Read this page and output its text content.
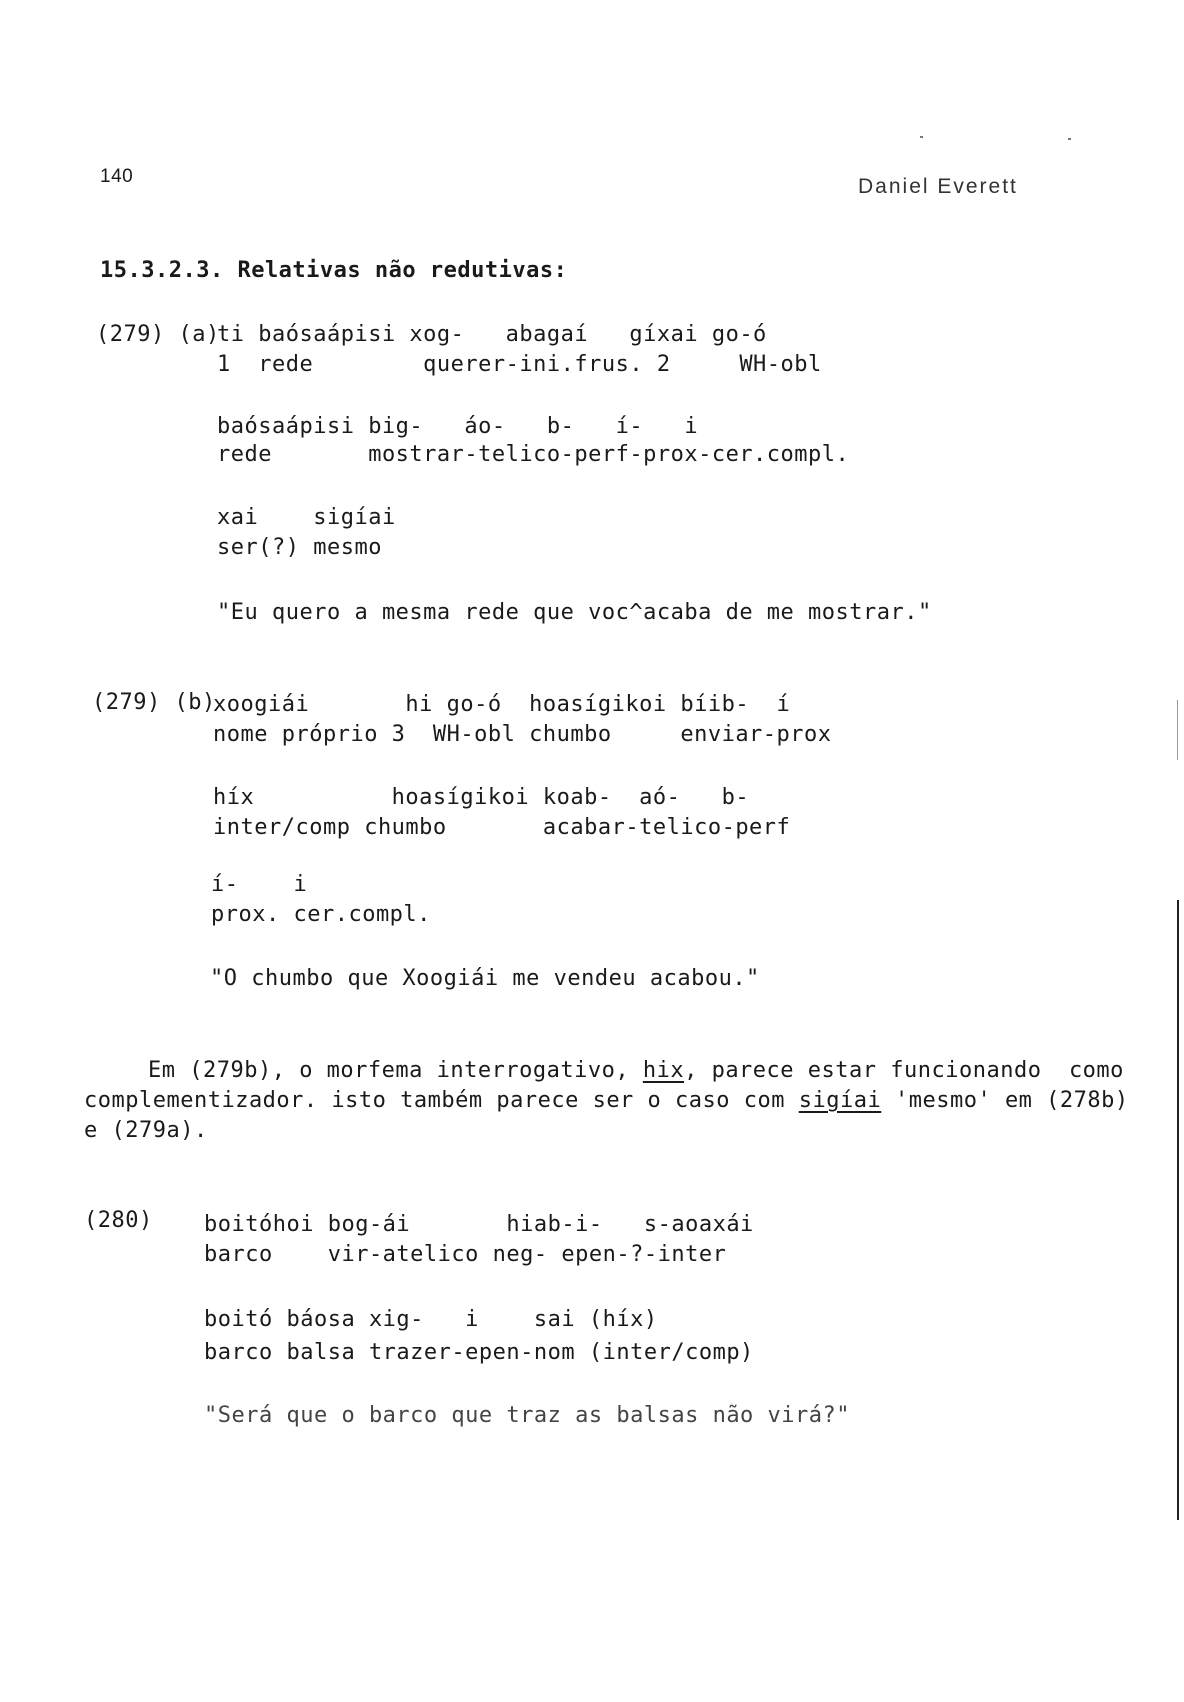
140	Daniel Everett
15.3.2.3. Relativas não redutivas:
(279) (a)
ti baósaápisi xog-   abagaí   gíxai go-ó
1  rede        querer-ini.frus. 2     WH-obl
baósaápisi big-   áo-   b-   í-   i
rede       mostrar-telico-perf-prox-cer.compl.
xai    sigíai
ser(?) mesmo
"Eu quero a mesma rede que voc^acaba de me mostrar."
(279) (b)
xoogiái       hi go-ó  hoasígikoi bíib-  í
nome próprio 3  WH-obl chumbo     enviar-prox
híx          hoasígikoi koab-  aó-   b-
inter/comp chumbo       acabar-telico-perf
í-    i
prox. cer.compl.
"O chumbo que Xoogiái me vendeu acabou."
Em (279b), o morfema interrogativo, hix, parece estar funcionando  como
complementizador. isto também parece ser o caso com sigíai 'mesmo' em (278b)
e (279a).
(280) boitóhoi bog-ái       hiab-i-   s-aoaxái
barco    vir-atelico neg- epen-?-inter
boitó báosa xig-   i    sai (híx)
barco balsa trazer-epen-nom (inter/comp)
"Será que o barco que traz as balsas não virá?"
